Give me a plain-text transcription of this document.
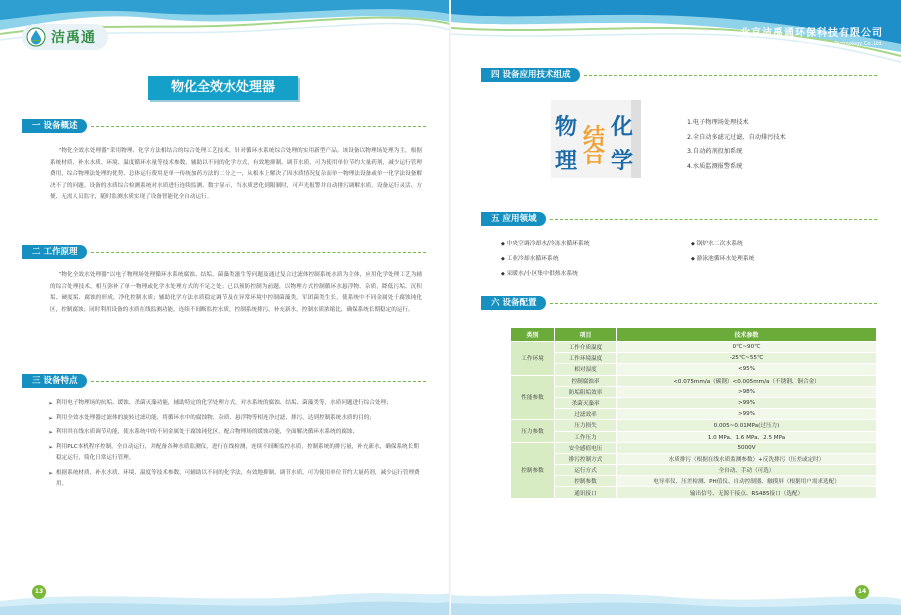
洁禹通
物化全效水处理器
一 设备概述

“物化全效水处理器”采用物理、化学方法相结合的综合处理工艺技术，针对循环水系统综合处理的实用新型产品。该设备以物理场处理为主，根据系统材质、补水水质、环境、温度循环水量等技术参数，辅助以不同的化学方式，有效地抑制、调节水质，可为使用单位节约大量药剂，减少运行管理费用，综合物理法处理的优势，总体运行费用是单一传统加药方法的二分之一，从根本上解决了因水质情况复杂而单一物理法设备或单一化学法设备解决不了的问题。设备的水质综合检测系统对水质进行连续监测、数字显示，当水质恶化到限制时，可声光报警并自动排污调解水质，设备运行灵活、方便、无需人员监守，随时监测水质实现了设备智能化全自动运行。

二 工作原理

“物化全效水处理器”以电子物理场处理循环水系统腐蚀、结垢、菌藻类滋生等问题及通过复合过滤体控制系统水质为主体，应用化学处理工艺为辅的综合处理技术，相互弥补了单一物理或化学水处理方式的不足之处；已以预防控制为前题，以物理方式控制循环水悬浮物、杂质，降低污垢、沉积垢、硬度垢、腐蚀的形成，净化控制水质；辅助化学方法水质稳定调节及在异常环境中控制菌藻类，军团菌类生长，使系统中不同金属处于腐蚀钝化区，控制腐蚀；同时利用设备的水质在线监测功能，连续不间断监控水质，控制系统排污，补充新水，控制水质浓缩比，确保系统长期稳定的运行。

三 设备特点
➢ 利用电子物理场的抗垢、缓蚀、杀菌灭藻功能，辅助特定的化学处理方式，对水系统的腐蚀、结垢、菌藻类等，水质问题进行综合处理；
➢ 利用全效水处理器过滤体的旋转过滤功能，将循环水中的腐蚀物、杂质、悬浮物等相连净过滤，排污，达到控制系统水质的目的；
➢ 利用其在线水质调节功能，使水系统中的不同金属处于腐蚀钝化区，配合物理场的缓蚀功能，全面解决循环水系统的腐蚀；
➢ 利用PLC本机程序控制，全自动运行，并配备各种水质监测仪，进行在线检测，连续不间断监控水质，控制系统的排污量，补充新水，确保系统长期稳定运行，简化日常运行管理。
➢ 根据系统材质、补水水质、环境、温度等技术参数，可辅助以不同的化学法，有效地抑制、调节水质，可为使用单位节约大量药剂，减少运行管理费用。
13
北京洁禹通环保科技有限公司
Beijing Bessybase Environmental Protection Technology Co.,Ltd.
四 设备应用技术组成
物 结 化
理 合 学
1.电子物理场处理技术
2.全自动多滤元过滤、自动排污技术
3.自动药剂投加系统
4.水质监测报警系统
五 应用领域
◆ 中央空调冷却水/冷冻水循环系统	◆ 锅炉水二次水系统
◆ 工业冷却水循环系统	◆ 游泳池循环水处理系统
◆ 采暖水/小区集中供热水系统
六 设备配置
类别	项目	技术参数
工作环境	工作介质温度	0℃~90℃
	工作环境温度	-25℃~55℃
	相对湿度	<95%
性能参数	控制腐蚀率	<0.075mm/a（碳钢）<0.005mm/a（不锈钢、铜合金）
	防垢阻垢效率	>98%
	杀菌灭藻率	>99%
	过滤效率	>99%
压力参数	压力损失	0.005~0.01MPa(过压力)
	工作压力	1.0 MPa、1.6 MPa、2.5 MPa
控制参数	安全感值电压	5000V
	排污控制方式	水质排污（根据在线水质监测参数）+反洗排污（压差或定时）
	运行方式	全自动、手动（可选）
	控制参数	电导率仪、压差检测、PH值仪、自动控制器、触摸屏（根据用户需求选配）
	通讯接口	输出信号、无源干接点、RS485接口（选配）
14
